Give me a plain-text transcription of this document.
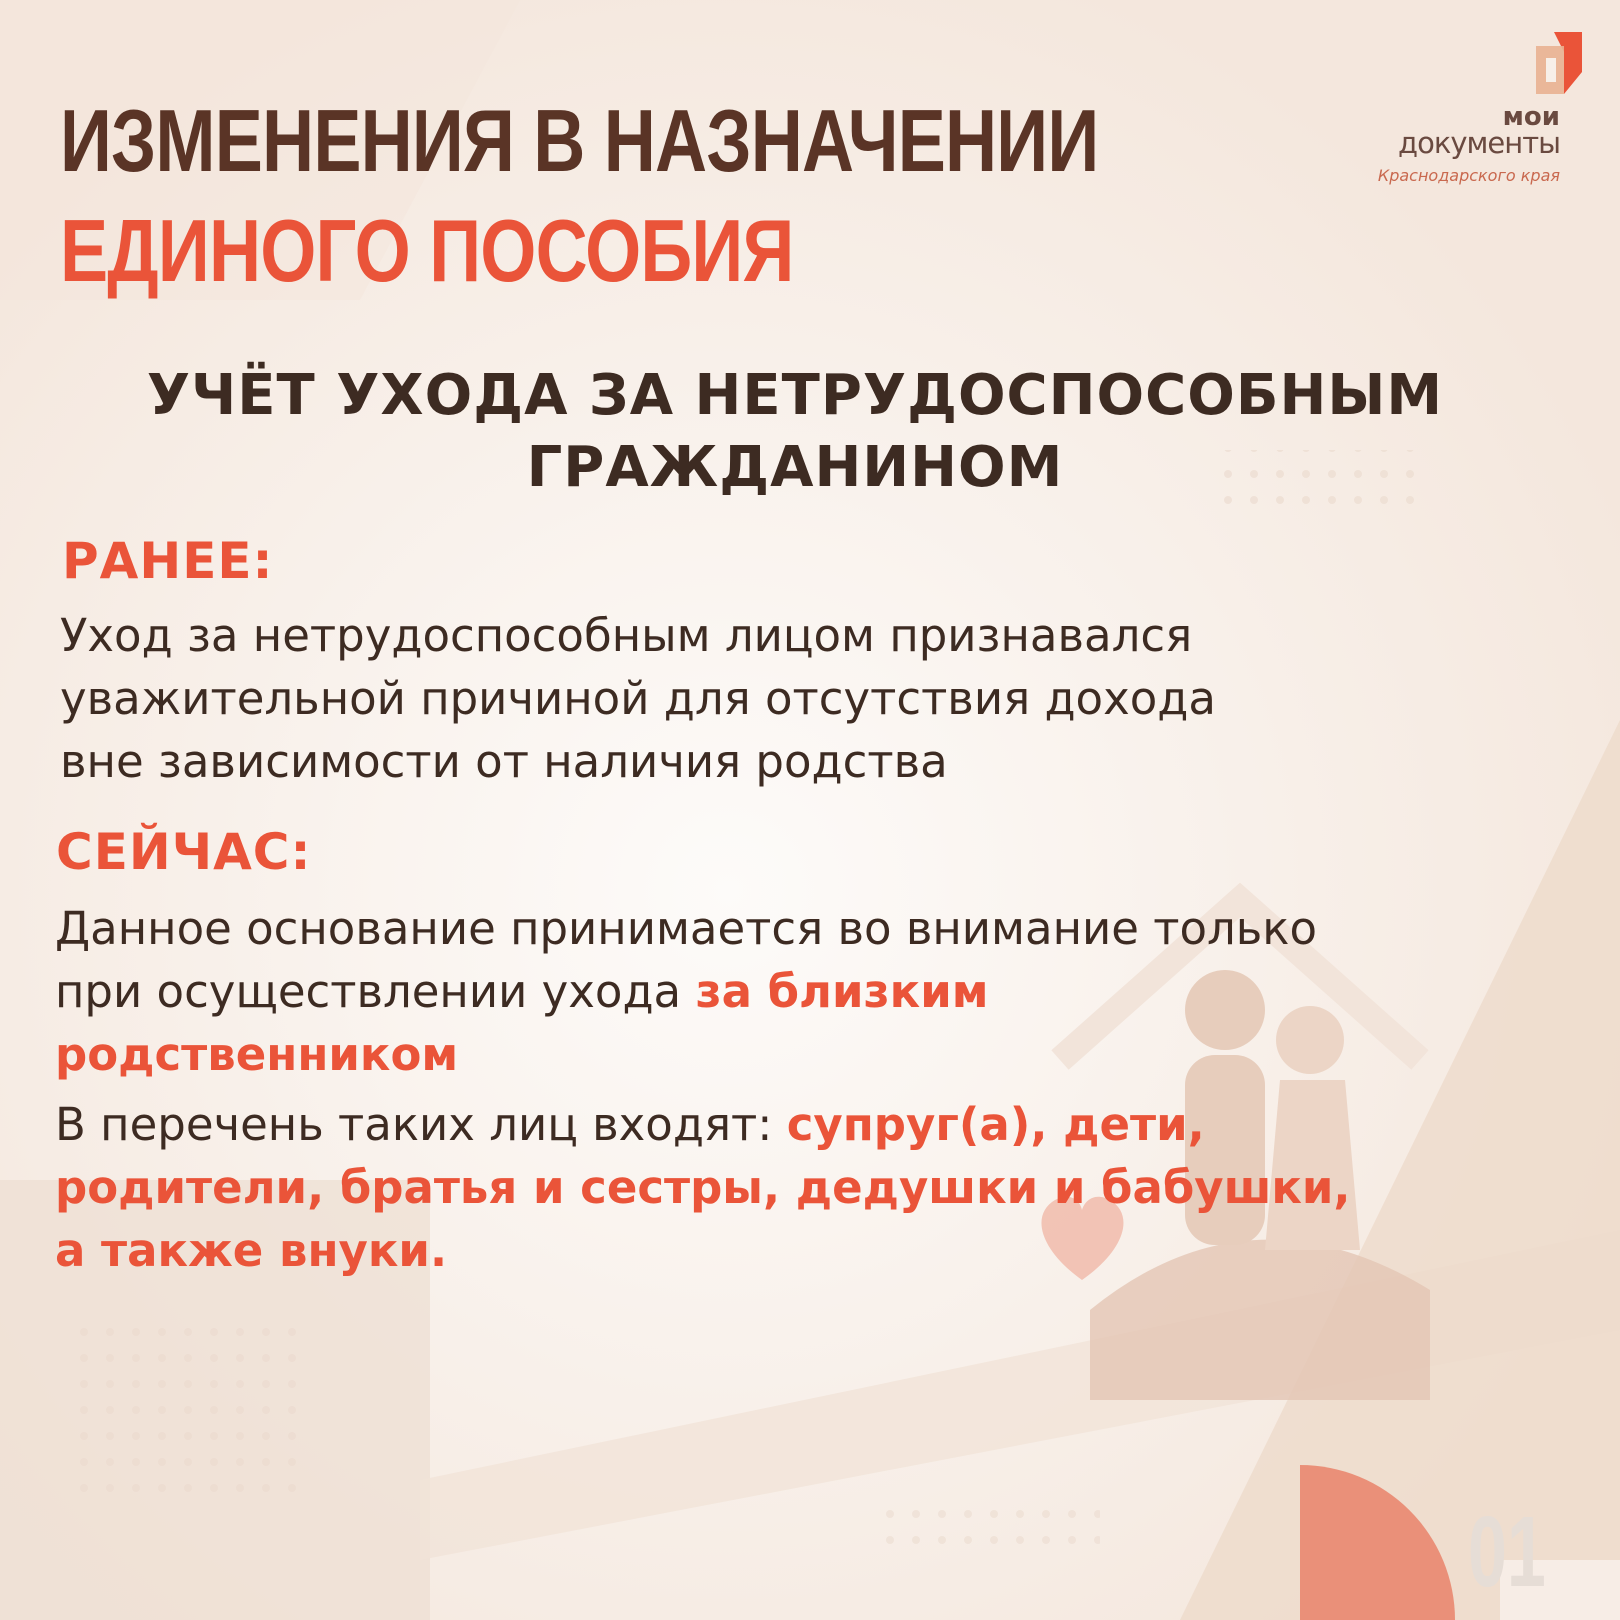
ИЗМЕНЕНИЯ В НАЗНАЧЕНИИ
ЕДИНОГО ПОСОБИЯ
мои
документы
Краснодарского края
УЧЁТ УХОДА ЗА НЕТРУДОСПОСОБНЫМ
ГРАЖДАНИНОМ
РАНЕЕ:

Уход за нетрудоспособным лицом признавался
уважительной причиной для отсутствия дохода
вне зависимости от наличия родства

СЕЙЧАС:

Данное основание принимается во внимание только
при осуществлении ухода за близким
родственником

В перечень таких лиц входят: супруг(а), дети,
родители, братья и сестры, дедушки и бабушки,
а также внуки.

01
